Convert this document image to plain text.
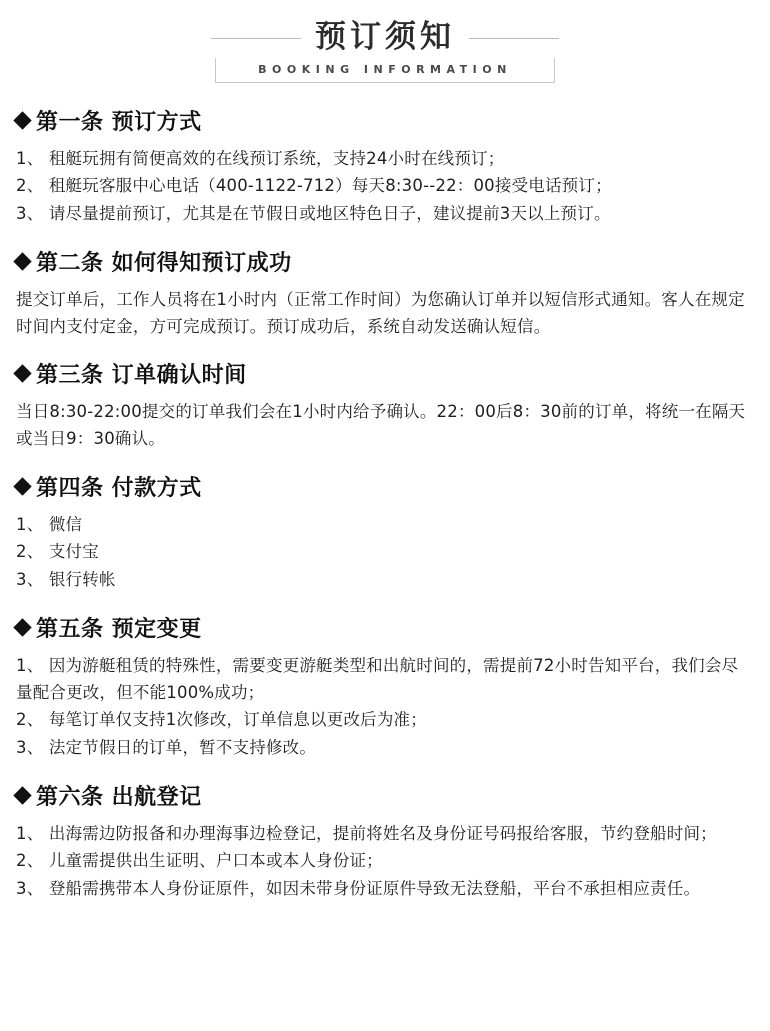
预订须知
BOOKING INFORMATION
第一条 预订方式
1、 租艇玩拥有简便高效的在线预订系统，支持24小时在线预订；
2、 租艇玩客服中心电话（400-1122-712）每天8:30--22：00接受电话预订；
3、 请尽量提前预订，尤其是在节假日或地区特色日子，建议提前3天以上预订。
第二条 如何得知预订成功

提交订单后，工作人员将在1小时内（正常工作时间）为您确认订单并以短信形式通知。客人在规定时间内支付定金，方可完成预订。预订成功后，系统自动发送确认短信。

第三条 订单确认时间

当日8:30-22:00提交的订单我们会在1小时内给予确认。22：00后8：30前的订单，将统一在隔天或当日9：30确认。

第四条 付款方式
1、 微信
2、 支付宝
3、 银行转帐
第五条 预定变更
1、 因为游艇租赁的特殊性，需要变更游艇类型和出航时间的，需提前72小时告知平台，我们会尽量配合更改，但不能100%成功；
2、 每笔订单仅支持1次修改，订单信息以更改后为准；
3、 法定节假日的订单，暂不支持修改。
第六条 出航登记
1、 出海需边防报备和办理海事边检登记，提前将姓名及身份证号码报给客服，节约登船时间；
2、 儿童需提供出生证明、户口本或本人身份证；
3、 登船需携带本人身份证原件，如因未带身份证原件导致无法登船，平台不承担相应责任。
